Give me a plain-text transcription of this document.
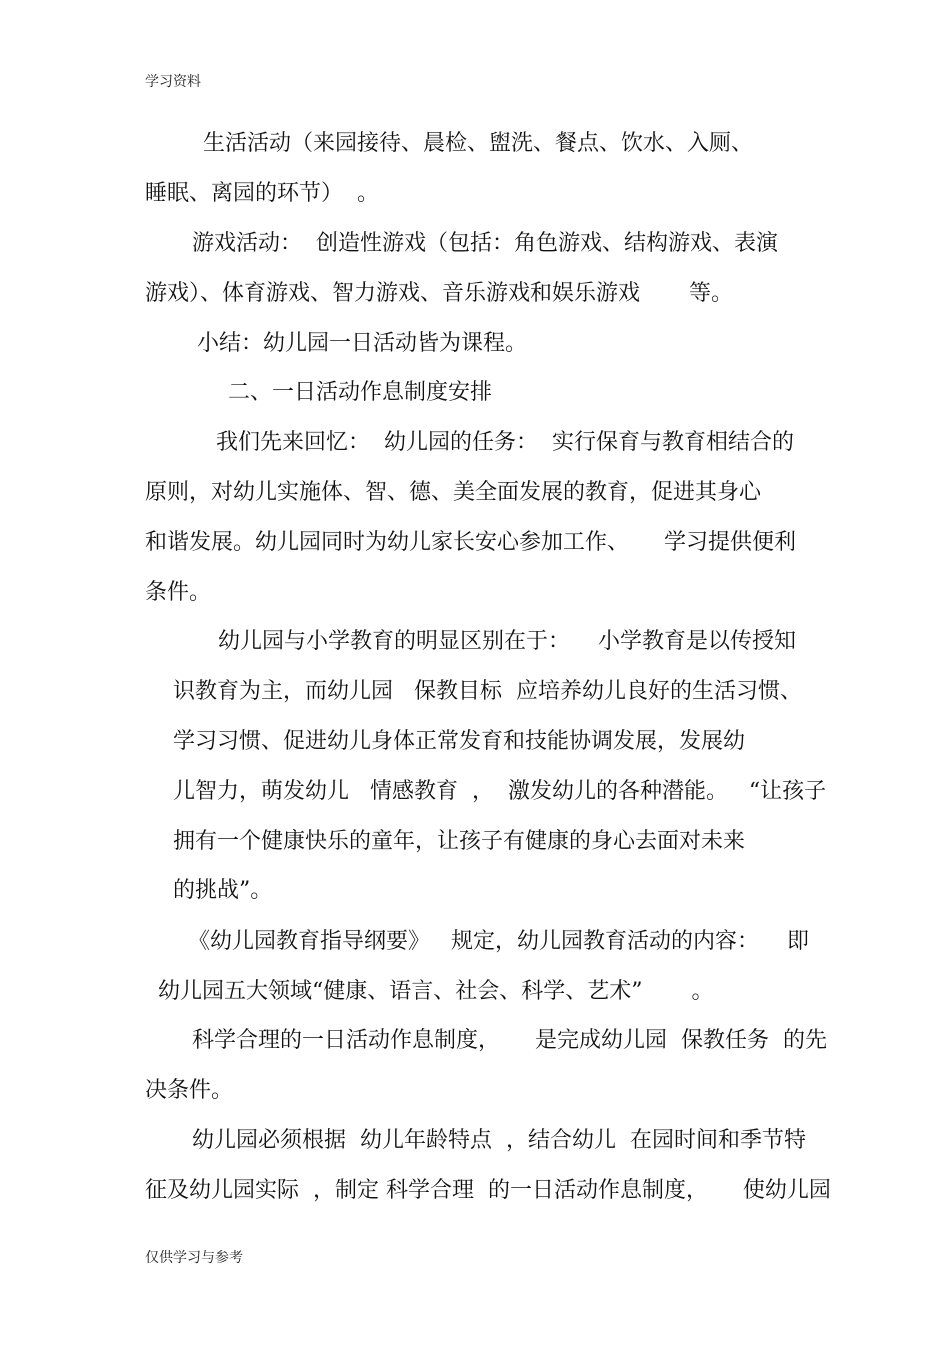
学习资料
生活活动（来园接待、晨检、盥洗、餐点、饮水、入厕、
睡眠、离园的环节）  。
游戏活动：  创造性游戏（包括：角色游戏、结构游戏、表演
游戏）、体育游戏、智力游戏、音乐游戏和娱乐游戏       等。
小结：幼儿园一日活动皆为课程。
二、一日活动作息制度安排
我们先来回忆：  幼儿园的任务：  实行保育与教育相结合的
原则，对幼儿实施体、智、德、美全面发展的教育，促进其身心
和谐发展。幼儿园同时为幼儿家长安心参加工作、     学习提供便利
条件。
幼儿园与小学教育的明显区别在于：    小学教育是以传授知
识教育为主，而幼儿园   保教目标  应培养幼儿良好的生活习惯、
学习习惯、促进幼儿身体正常发育和技能协调发展，发展幼
儿智力，萌发幼儿   情感教育  ，  激发幼儿的各种潜能。   “让孩子
拥有一个健康快乐的童年，让孩子有健康的身心去面对未来
的挑战”。
《幼儿园教育指导纲要》   规定，幼儿园教育活动的内容：    即
幼儿园五大领域“健康、语言、社会、科学、艺术”       。
科学合理的一日活动作息制度，     是完成幼儿园  保教任务  的先
决条件。
幼儿园必须根据  幼儿年龄特点  ，结合幼儿  在园时间和季节特
征及幼儿园实际  ，制定 科学合理  的一日活动作息制度，     使幼儿园
仅供学习与参考
